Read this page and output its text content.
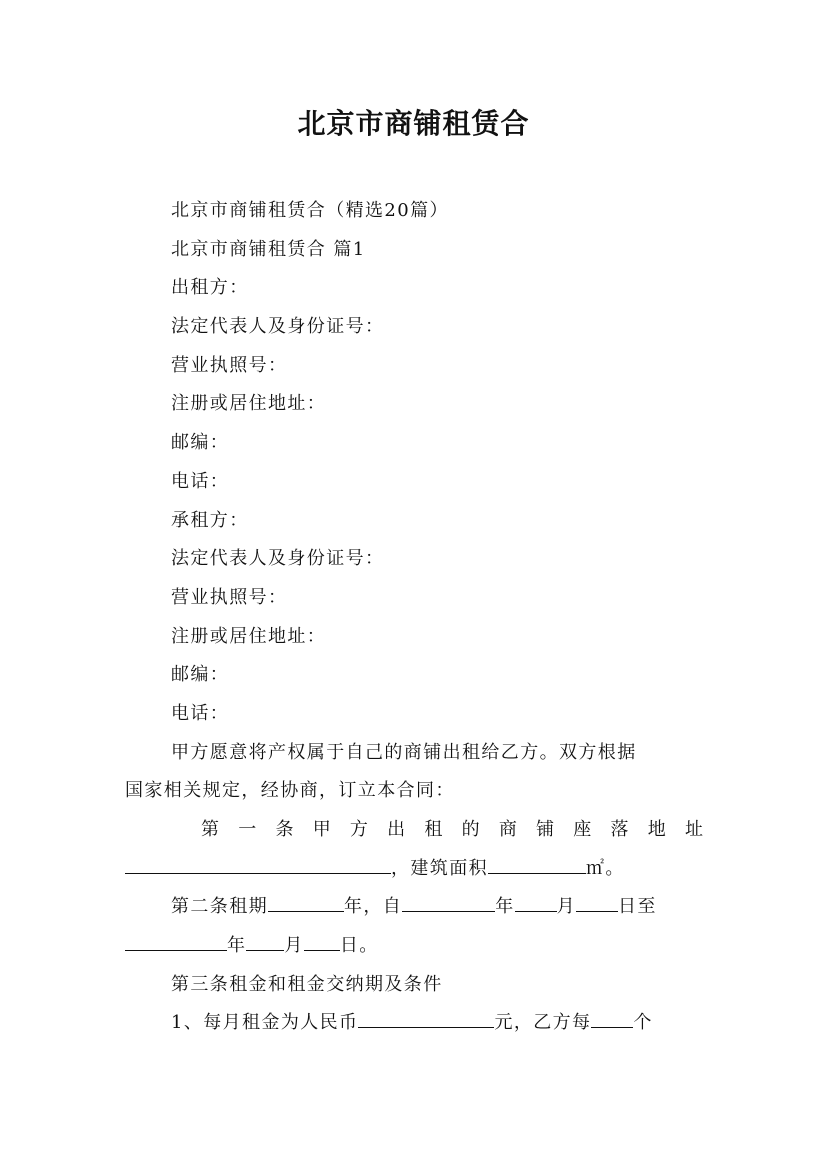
北京市商铺租赁合
北京市商铺租赁合（精选20篇）
北京市商铺租赁合 篇1
出租方：
法定代表人及身份证号：
营业执照号：
注册或居住地址：
邮编：
电话：
承租方：
法定代表人及身份证号：
营业执照号：
注册或居住地址：
邮编：
电话：
甲方愿意将产权属于自己的商铺出租给乙方。双方根据
国家相关规定，经协商，订立本合同：
第一条甲方出租的商铺座落地址
，建筑面积	㎡。
第二条租期	年，自	年 月 日至
年 月 日。
第三条租金和租金交纳期及条件
1、每月租金为人民币	元，乙方每 个
